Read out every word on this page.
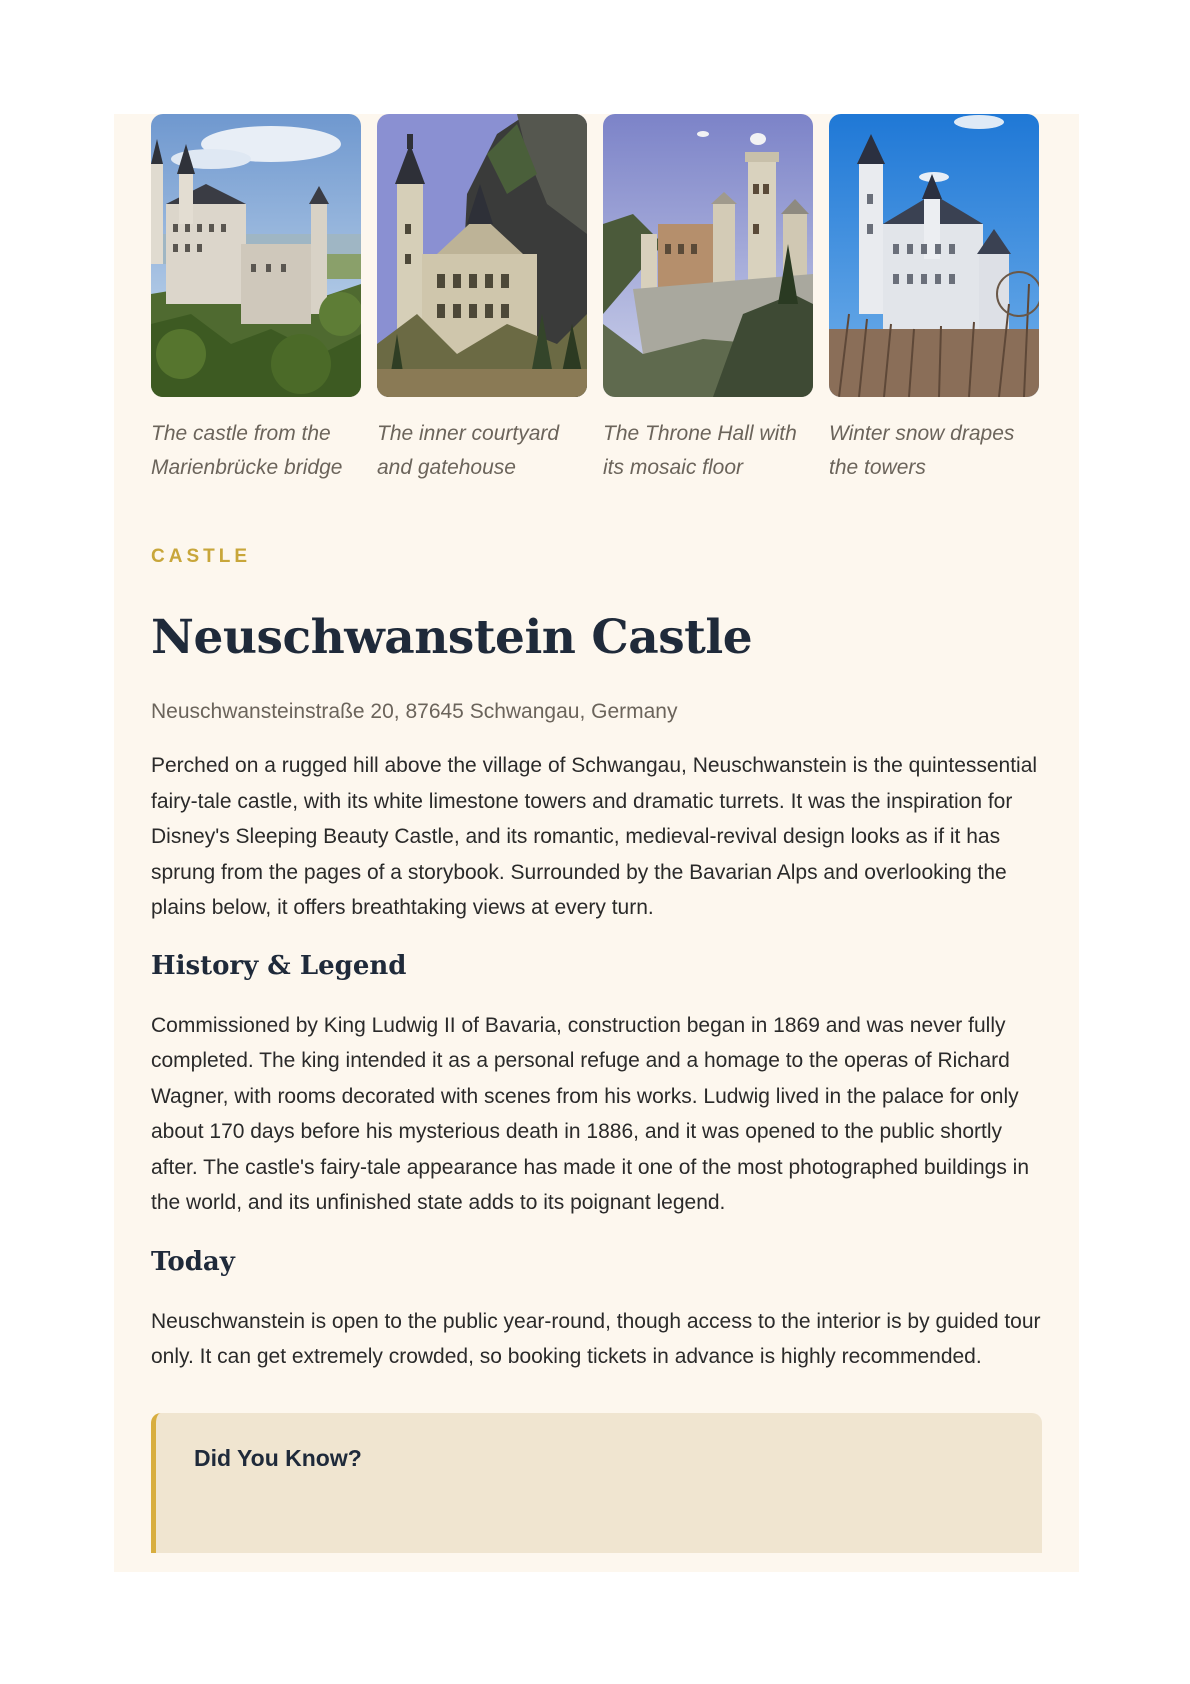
The castle from the Marienbrücke bridge
The inner courtyard and gatehouse
The Throne Hall with its mosaic floor
Winter snow drapes the towers
CASTLE
Neuschwanstein Castle
Neuschwansteinstraße 20, 87645 Schwangau, Germany

Perched on a rugged hill above the village of Schwangau, Neuschwanstein is the quintessential fairy-tale castle, with its white limestone towers and dramatic turrets. It was the inspiration for Disney's Sleeping Beauty Castle, and its romantic, medieval-revival design looks as if it has sprung from the pages of a storybook. Surrounded by the Bavarian Alps and overlooking the plains below, it offers breathtaking views at every turn.

History & Legend

Commissioned by King Ludwig II of Bavaria, construction began in 1869 and was never fully completed. The king intended it as a personal refuge and a homage to the operas of Richard Wagner, with rooms decorated with scenes from his works. Ludwig lived in the palace for only about 170 days before his mysterious death in 1886, and it was opened to the public shortly after. The castle's fairy-tale appearance has made it one of the most photographed buildings in the world, and its unfinished state adds to its poignant legend.

Today

Neuschwanstein is open to the public year-round, though access to the interior is by guided tour only. It can get extremely crowded, so booking tickets in advance is highly recommended.

Did You Know?
